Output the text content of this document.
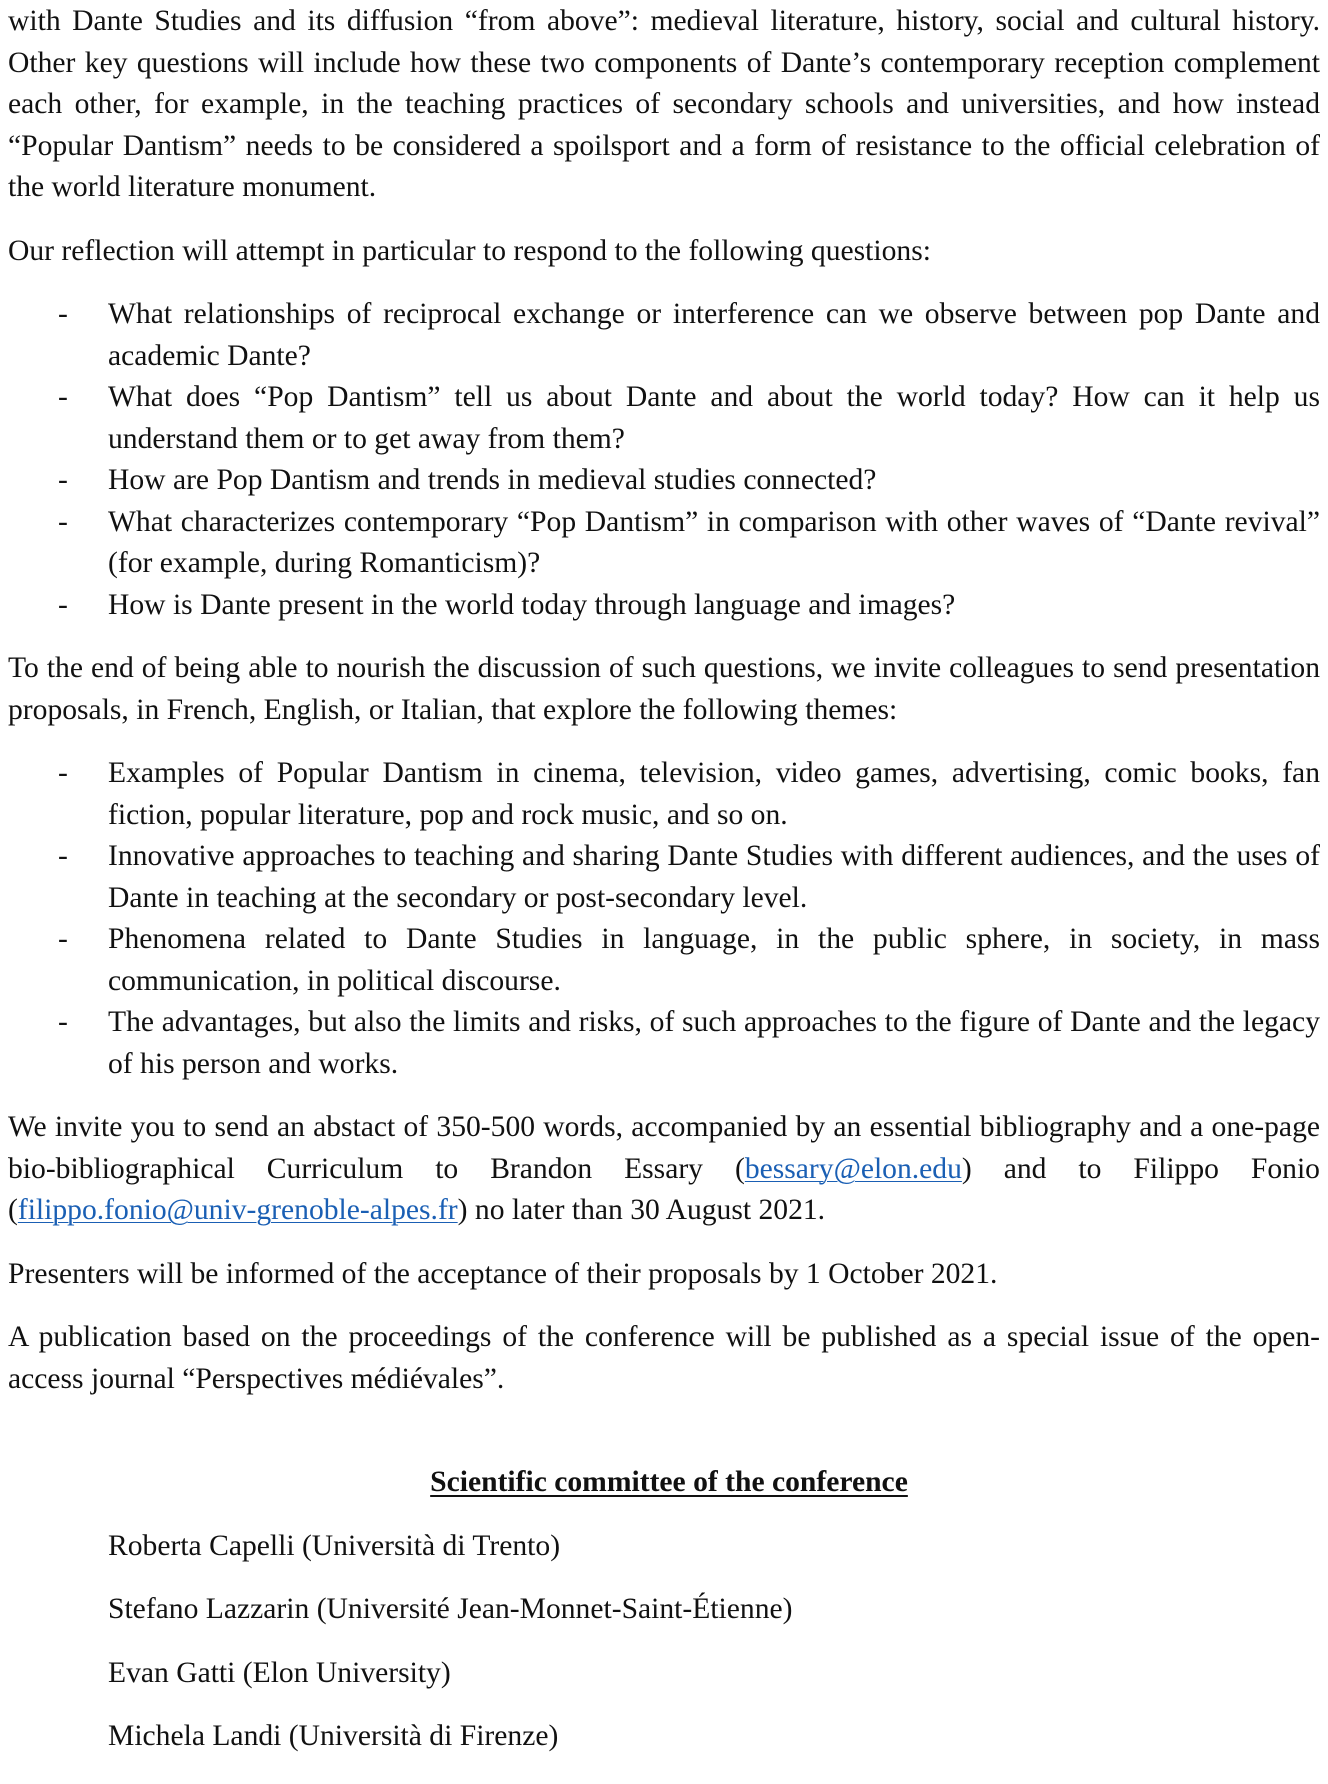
with Dante Studies and its diffusion “from above”: medieval literature, history, social and cultural history. Other key questions will include how these two components of Dante’s contemporary reception complement each other, for example, in the teaching practices of secondary schools and universities, and how instead “Popular Dantism” needs to be considered a spoilsport and a form of resistance to the official celebration of the world literature monument.

Our reflection will attempt in particular to respond to the following questions:

- What relationships of reciprocal exchange or interference can we observe between pop Dante and academic Dante?
- What does “Pop Dantism” tell us about Dante and about the world today? How can it help us understand them or to get away from them?
- How are Pop Dantism and trends in medieval studies connected?
- What characterizes contemporary “Pop Dantism” in comparison with other waves of “Dante revival” (for example, during Romanticism)?
- How is Dante present in the world today through language and images?

To the end of being able to nourish the discussion of such questions, we invite colleagues to send presentation proposals, in French, English, or Italian, that explore the following themes:

- Examples of Popular Dantism in cinema, television, video games, advertising, comic books, fan fiction, popular literature, pop and rock music, and so on.
- Innovative approaches to teaching and sharing Dante Studies with different audiences, and the uses of Dante in teaching at the secondary or post-secondary level.
- Phenomena related to Dante Studies in language, in the public sphere, in society, in mass communication, in political discourse.
- The advantages, but also the limits and risks, of such approaches to the figure of Dante and the legacy of his person and works.

We invite you to send an abstact of 350-500 words, accompanied by an essential bibliography and a one-page bio-bibliographical Curriculum to Brandon Essary (bessary@elon.edu) and to Filippo Fonio (filippo.fonio@univ-grenoble-alpes.fr) no later than 30 August 2021.

Presenters will be informed of the acceptance of their proposals by 1 October 2021.

A publication based on the proceedings of the conference will be published as a special issue of the open-access journal “Perspectives médiévales”.

Scientific committee of the conference

Roberta Capelli (Università di Trento)

Stefano Lazzarin (Université Jean-Monnet-Saint-Étienne)

Evan Gatti (Elon University)

Michela Landi (Università di Firenze)
